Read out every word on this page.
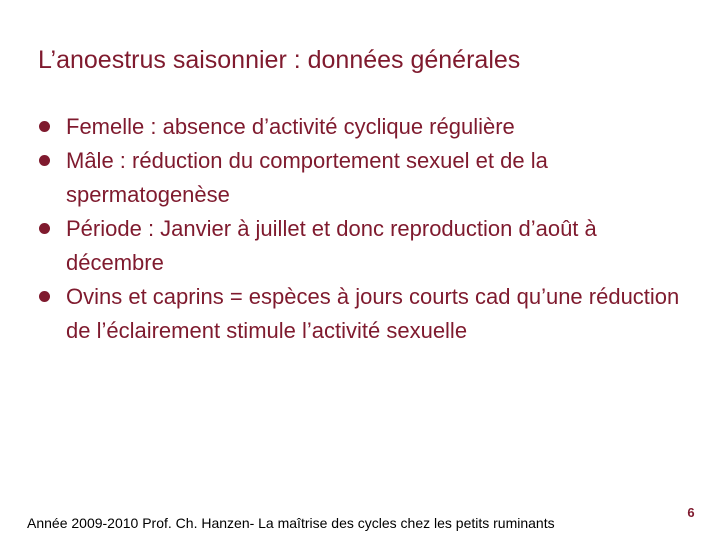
L’anoestrus saisonnier : données générales
Femelle : absence d’activité cyclique régulière
Mâle : réduction du comportement sexuel et de la spermatogenèse
Période : Janvier à juillet et donc reproduction d’août à décembre
Ovins et caprins = espèces à jours courts cad qu’une réduction de l’éclairement stimule l’activité sexuelle
Année 2009-2010 Prof. Ch. Hanzen- La maîtrise des cycles chez les petits ruminants
6
